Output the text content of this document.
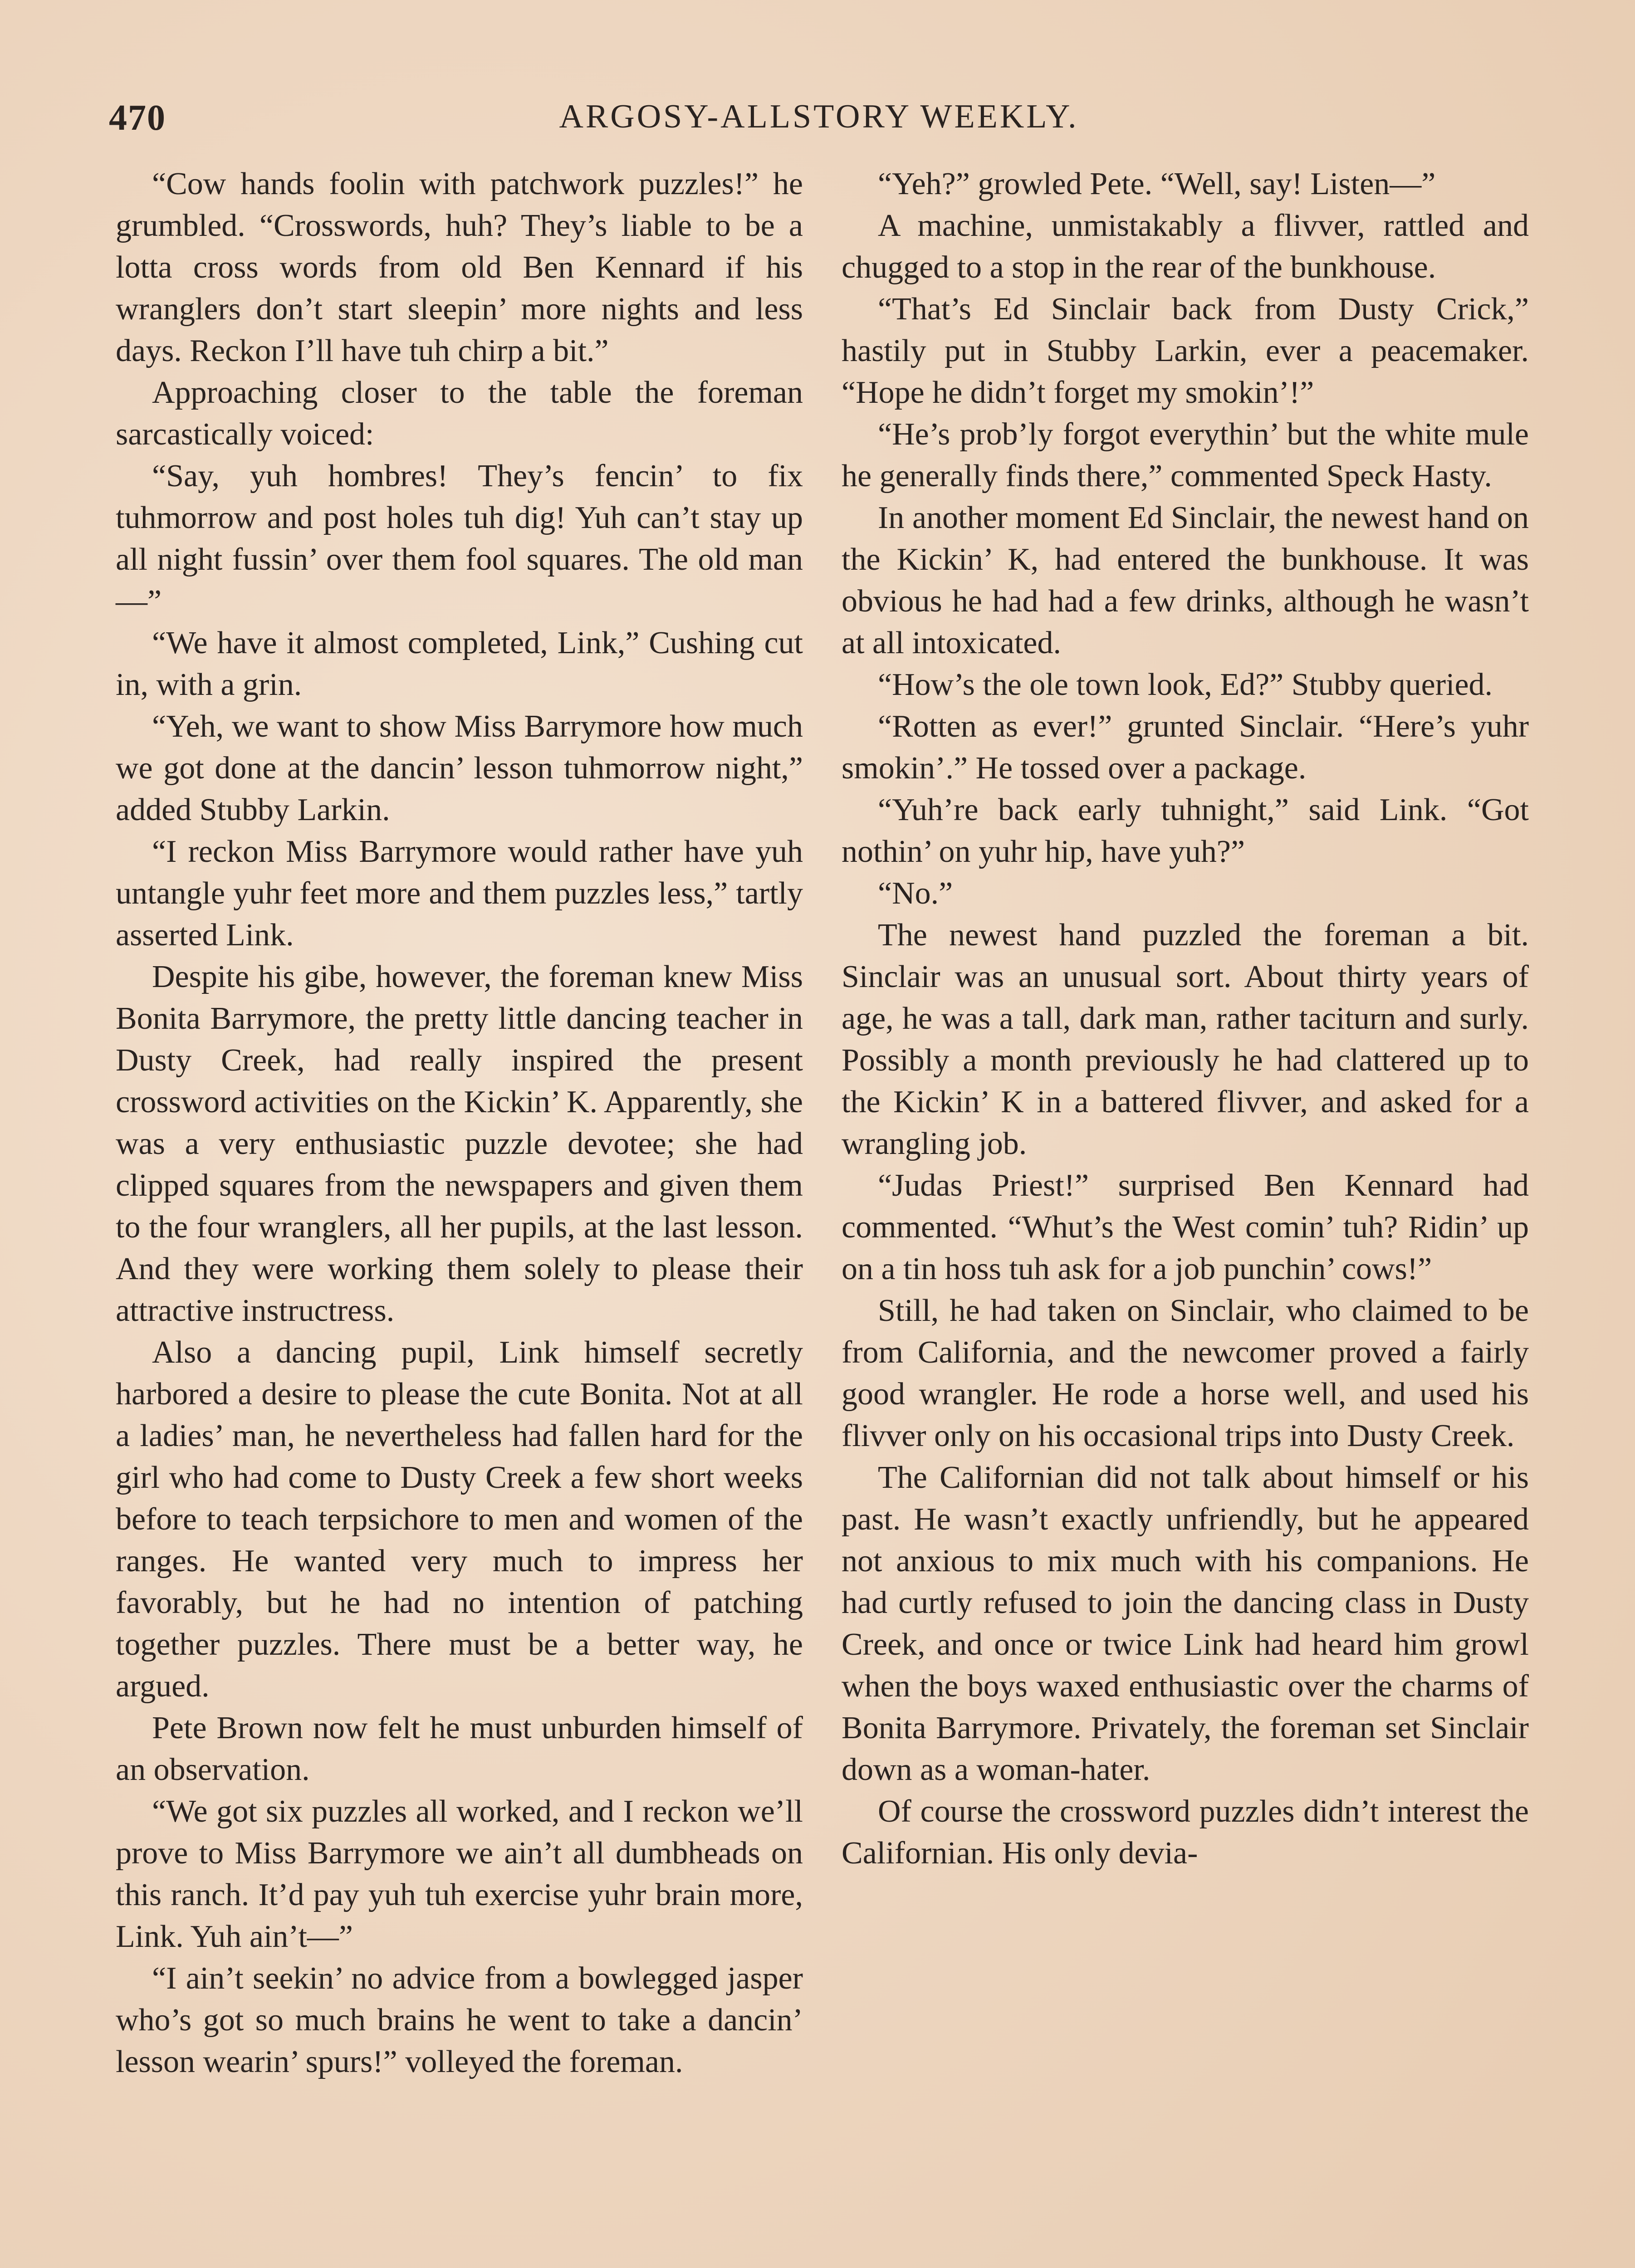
470	ARGOSY-ALLSTORY WEEKLY.

“Cow hands foolin with patchwork puzzles!” he grumbled. “Crosswords, huh? They’s liable to be a lotta cross words from old Ben Kennard if his wranglers don’t start sleepin’ more nights and less days. Reckon I’ll have tuh chirp a bit.”

Approaching closer to the table the foreman sarcastically voiced:

“Say, yuh hombres! They’s fencin’ to fix tuhmorrow and post holes tuh dig! Yuh can’t stay up all night fussin’ over them fool squares. The old man—”

“We have it almost completed, Link,” Cushing cut in, with a grin.

“Yeh, we want to show Miss Barrymore how much we got done at the dancin’ lesson tuhmorrow night,” added Stubby Larkin.

“I reckon Miss Barrymore would rather have yuh untangle yuhr feet more and them puzzles less,” tartly asserted Link.

Despite his gibe, however, the foreman knew Miss Bonita Barrymore, the pretty little dancing teacher in Dusty Creek, had really inspired the present crossword activities on the Kickin’ K. Apparently, she was a very enthusiastic puzzle devotee; she had clipped squares from the newspapers and given them to the four wranglers, all her pupils, at the last lesson. And they were working them solely to please their attractive instructress.

Also a dancing pupil, Link himself secretly harbored a desire to please the cute Bonita. Not at all a ladies’ man, he nevertheless had fallen hard for the girl who had come to Dusty Creek a few short weeks before to teach terpsichore to men and women of the ranges. He wanted very much to impress her favorably, but he had no intention of patching together puzzles. There must be a better way, he argued.

Pete Brown now felt he must unburden himself of an observation.

“We got six puzzles all worked, and I reckon we’ll prove to Miss Barrymore we ain’t all dumbheads on this ranch. It’d pay yuh tuh exercise yuhr brain more, Link. Yuh ain’t—”

“I ain’t seekin’ no advice from a bowlegged jasper who’s got so much brains he went to take a dancin’ lesson wearin’ spurs!” volleyed the foreman.

“Yeh?” growled Pete. “Well, say! Listen—”

A machine, unmistakably a flivver, rattled and chugged to a stop in the rear of the bunkhouse.

“That’s Ed Sinclair back from Dusty Crick,” hastily put in Stubby Larkin, ever a peacemaker. “Hope he didn’t forget my smokin’!”

“He’s prob’ly forgot everythin’ but the white mule he generally finds there,” commented Speck Hasty.

In another moment Ed Sinclair, the newest hand on the Kickin’ K, had entered the bunkhouse. It was obvious he had had a few drinks, although he wasn’t at all intoxicated.

“How’s the ole town look, Ed?” Stubby queried.

“Rotten as ever!” grunted Sinclair. “Here’s yuhr smokin’.” He tossed over a package.

“Yuh’re back early tuhnight,” said Link. “Got nothin’ on yuhr hip, have yuh?”

“No.”

The newest hand puzzled the foreman a bit. Sinclair was an unusual sort. About thirty years of age, he was a tall, dark man, rather taciturn and surly. Possibly a month previously he had clattered up to the Kickin’ K in a battered flivver, and asked for a wrangling job.

“Judas Priest!” surprised Ben Kennard had commented. “Whut’s the West comin’ tuh? Ridin’ up on a tin hoss tuh ask for a job punchin’ cows!”

Still, he had taken on Sinclair, who claimed to be from California, and the newcomer proved a fairly good wrangler. He rode a horse well, and used his flivver only on his occasional trips into Dusty Creek.

The Californian did not talk about himself or his past. He wasn’t exactly unfriendly, but he appeared not anxious to mix much with his companions. He had curtly refused to join the dancing class in Dusty Creek, and once or twice Link had heard him growl when the boys waxed enthusiastic over the charms of Bonita Barrymore. Privately, the foreman set Sinclair down as a woman-hater.

Of course the crossword puzzles didn’t interest the Californian. His only devia-
